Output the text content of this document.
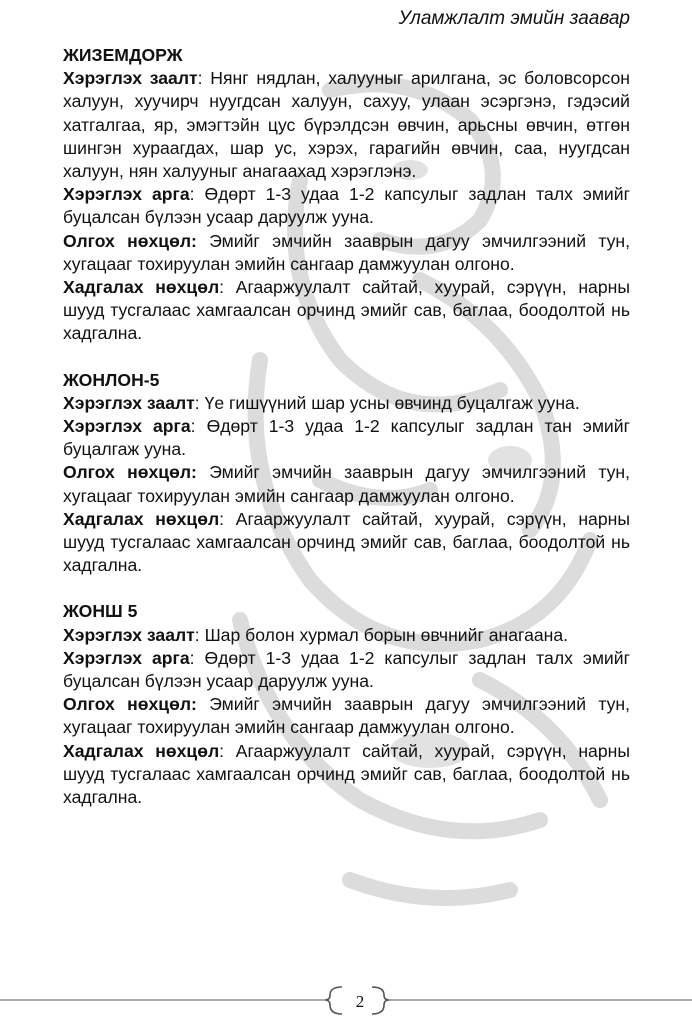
Уламжлалт эмийн заавар
ЖИЗЕМДОРЖ

Хэрэглэх заалт: Нянг нядлан, халууныг арилгана, эс боловсорсон халуун, хуучирч нуугдсан халуун, сахуу, улаан эсэргэнэ, гэдэсий хатгалгаа, яр, эмэгтэйн цус бүрэлдсэн өвчин, арьсны өвчин, өтгөн шингэн хураагдах, шар ус, хэрэх, гарагийн өвчин, саа, нуугдсан халуун, нян халууныг анагаахад хэрэглэнэ.

Хэрэглэх арга: Өдөрт 1-3 удаа 1-2 капсулыг задлан талх эмийг буцалсан бүлээн усаар даруулж ууна.

Олгох нөхцөл: Эмийг эмчийн зааврын дагуу эмчилгээний тун, хугацааг тохируулан эмийн сангаар дамжуулан олгоно.

Хадгалах нөхцөл: Агааржуулалт сайтай, хуурай, сэрүүн, нарны шууд тусгалаас хамгаалсан орчинд эмийг сав, баглаа, боодолтой нь хадгална.

ЖОНЛОН-5

Хэрэглэх заалт: Үе гишүүний шар усны өвчинд буцалгаж ууна.

Хэрэглэх арга: Өдөрт 1-3 удаа 1-2 капсулыг задлан тан эмийг буцалгаж ууна.

Олгох нөхцөл: Эмийг эмчийн зааврын дагуу эмчилгээний тун, хугацааг тохируулан эмийн сангаар дамжуулан олгоно.

Хадгалах нөхцөл: Агааржуулалт сайтай, хуурай, сэрүүн, нарны шууд тусгалаас хамгаалсан орчинд эмийг сав, баглаа, боодолтой нь хадгална.

ЖОНШ 5

Хэрэглэх заалт: Шар болон хурмал борын өвчнийг анагаана.

Хэрэглэх арга: Өдөрт 1-3 удаа 1-2 капсулыг задлан талх эмийг буцалсан бүлээн усаар даруулж ууна.

Олгох нөхцөл: Эмийг эмчийн зааврын дагуу эмчилгээний тун, хугацааг тохируулан эмийн сангаар дамжуулан олгоно.

Хадгалах нөхцөл: Агааржуулалт сайтай, хуурай, сэрүүн, нарны шууд тусгалаас хамгаалсан орчинд эмийг сав, баглаа, боодолтой нь хадгална.

2
